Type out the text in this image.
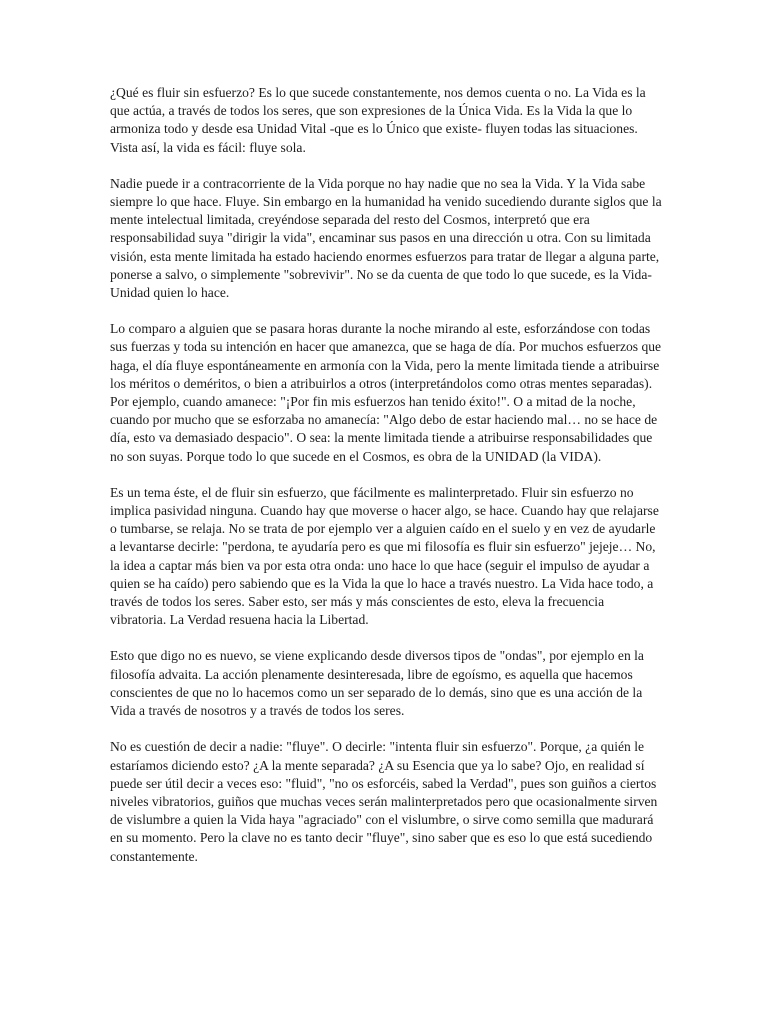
¿Qué es fluir sin esfuerzo? Es lo que sucede constantemente, nos demos cuenta o no. La Vida es la que actúa, a través de todos los seres, que son expresiones de la Única Vida. Es la Vida la que lo armoniza todo y desde esa Unidad Vital -que es lo Único que existe- fluyen todas las situaciones. Vista así, la vida es fácil: fluye sola.

Nadie puede ir a contracorriente de la Vida porque no hay nadie que no sea la Vida. Y la Vida sabe siempre lo que hace. Fluye. Sin embargo en la humanidad ha venido sucediendo durante siglos que la mente intelectual limitada, creyéndose separada del resto del Cosmos, interpretó que era responsabilidad suya "dirigir la vida", encaminar sus pasos en una dirección u otra. Con su limitada visión, esta mente limitada ha estado haciendo enormes esfuerzos para tratar de llegar a alguna parte, ponerse a salvo, o simplemente "sobrevivir". No se da cuenta de que todo lo que sucede, es la Vida-Unidad quien lo hace.

Lo comparo a alguien que se pasara horas durante la noche mirando al este, esforzándose con todas sus fuerzas y toda su intención en hacer que amanezca, que se haga de día. Por muchos esfuerzos que haga, el día fluye espontáneamente en armonía con la Vida, pero la mente limitada tiende a atribuirse los méritos o deméritos, o bien a atribuirlos a otros (interpretándolos como otras mentes separadas). Por ejemplo, cuando amanece: "¡Por fin mis esfuerzos han tenido éxito!". O a mitad de la noche, cuando por mucho que se esforzaba no amanecía: "Algo debo de estar haciendo mal… no se hace de día, esto va demasiado despacio". O sea: la mente limitada tiende a atribuirse responsabilidades que no son suyas. Porque todo lo que sucede en el Cosmos, es obra de la UNIDAD (la VIDA).

Es un tema éste, el de fluir sin esfuerzo, que fácilmente es malinterpretado. Fluir sin esfuerzo no implica pasividad ninguna. Cuando hay que moverse o hacer algo, se hace. Cuando hay que relajarse o tumbarse, se relaja. No se trata de por ejemplo ver a alguien caído en el suelo y en vez de ayudarle a levantarse decirle: "perdona, te ayudaría pero es que mi filosofía es fluir sin esfuerzo" jejeje… No, la idea a captar más bien va por esta otra onda: uno hace lo que hace (seguir el impulso de ayudar a quien se ha caído) pero sabiendo que es la Vida la que lo hace a través nuestro. La Vida hace todo, a través de todos los seres. Saber esto, ser más y más conscientes de esto, eleva la frecuencia vibratoria. La Verdad resuena hacia la Libertad.

Esto que digo no es nuevo, se viene explicando desde diversos tipos de "ondas", por ejemplo en la filosofía advaita. La acción plenamente desinteresada, libre de egoísmo, es aquella que hacemos conscientes de que no lo hacemos como un ser separado de lo demás, sino que es una acción de la Vida a través de nosotros y a través de todos los seres.

No es cuestión de decir a nadie: "fluye". O decirle: "intenta fluir sin esfuerzo". Porque, ¿a quién le estaríamos diciendo esto? ¿A la mente separada? ¿A su Esencia que ya lo sabe? Ojo, en realidad sí puede ser útil decir a veces eso: "fluid", "no os esforcéis, sabed la Verdad", pues son guiños a ciertos niveles vibratorios, guiños que muchas veces serán malinterpretados pero que ocasionalmente sirven de vislumbre a quien la Vida haya "agraciado" con el vislumbre, o sirve como semilla que madurará en su momento. Pero la clave no es tanto decir "fluye", sino saber que es eso lo que está sucediendo constantemente.
